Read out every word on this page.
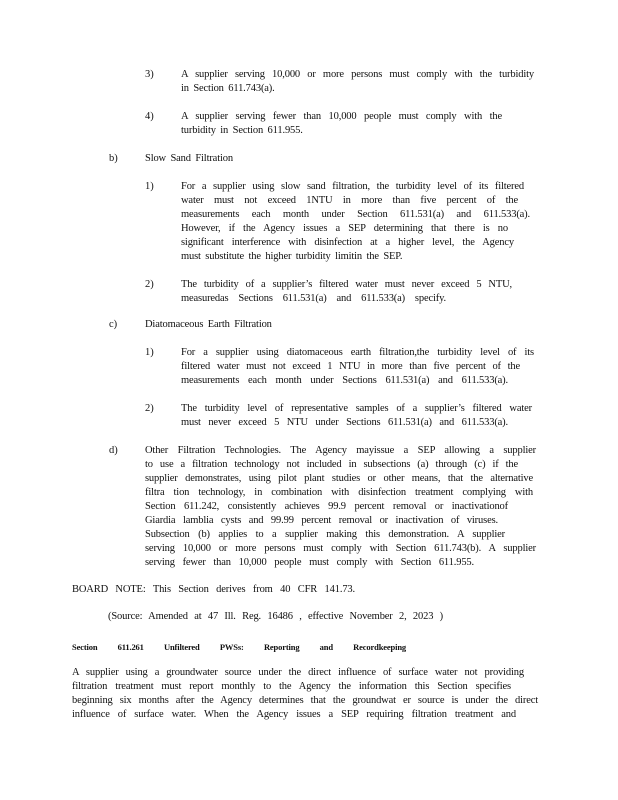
3)	A supplier serving 10,000 or more persons must comply with the turbidity
in Section 611.743(a).
4)	A supplier serving fewer than 10,000 people must comply with the
turbidity in Section 611.955.
b)	Slow Sand Filtration
1)	For a supplier using slow sand filtration, the turbidity level of its filtered
water must not exceed 1NTU in more than five percent of the
measurements each month under Section 611.531(a) and 611.533(a).
However, if the Agency issues a SEP determining that there is no
significant interference with disinfection at a higher level, the Agency
must substitute the higher turbidity limitin the SEP.
2)	The turbidity of a supplier’s filtered water must never exceed 5 NTU,
measuredas Sections 611.531(a) and 611.533(a) specify.
c)	Diatomaceous Earth Filtration
1)	For a supplier using diatomaceous earth filtration,the turbidity level of its
filtered water must not exceed 1 NTU in more than five percent of the
measurements each month under Sections 611.531(a) and 611.533(a).
2)	The turbidity level of representative samples of a supplier’s filtered water
must never exceed 5 NTU under Sections 611.531(a) and 611.533(a).
d)	Other Filtration Technologies. The Agency mayissue a SEP allowing a supplier
to use a filtration technology not included in subsections (a) through (c) if the
supplier demonstrates, using pilot plant studies or other means, that the alternative
filtra tion technology, in combination with disinfection treatment complying with
Section 611.242, consistently achieves 99.9 percent removal or inactivationof
Giardia lamblia cysts and 99.99 percent removal or inactivation of viruses.
Subsection (b) applies to a supplier making this demonstration. A supplier
serving 10,000 or more persons must comply with Section 611.743(b). A supplier
serving fewer than 10,000 people must comply with Section 611.955.
BOARD NOTE: This Section derives from 40 CFR 141.73.
(Source: Amended at 47 Ill. Reg. 16486 , effective November 2, 2023 )
Section 611.261 Unfiltered PWSs: Reporting and Recordkeeping
A supplier using a groundwater source under the direct influence of surface water not providing
filtration treatment must report monthly to the Agency the information this Section specifies
beginning six months after the Agency determines that the groundwat er source is under the direct
influence of surface water. When the Agency issues a SEP requiring filtration treatment and
